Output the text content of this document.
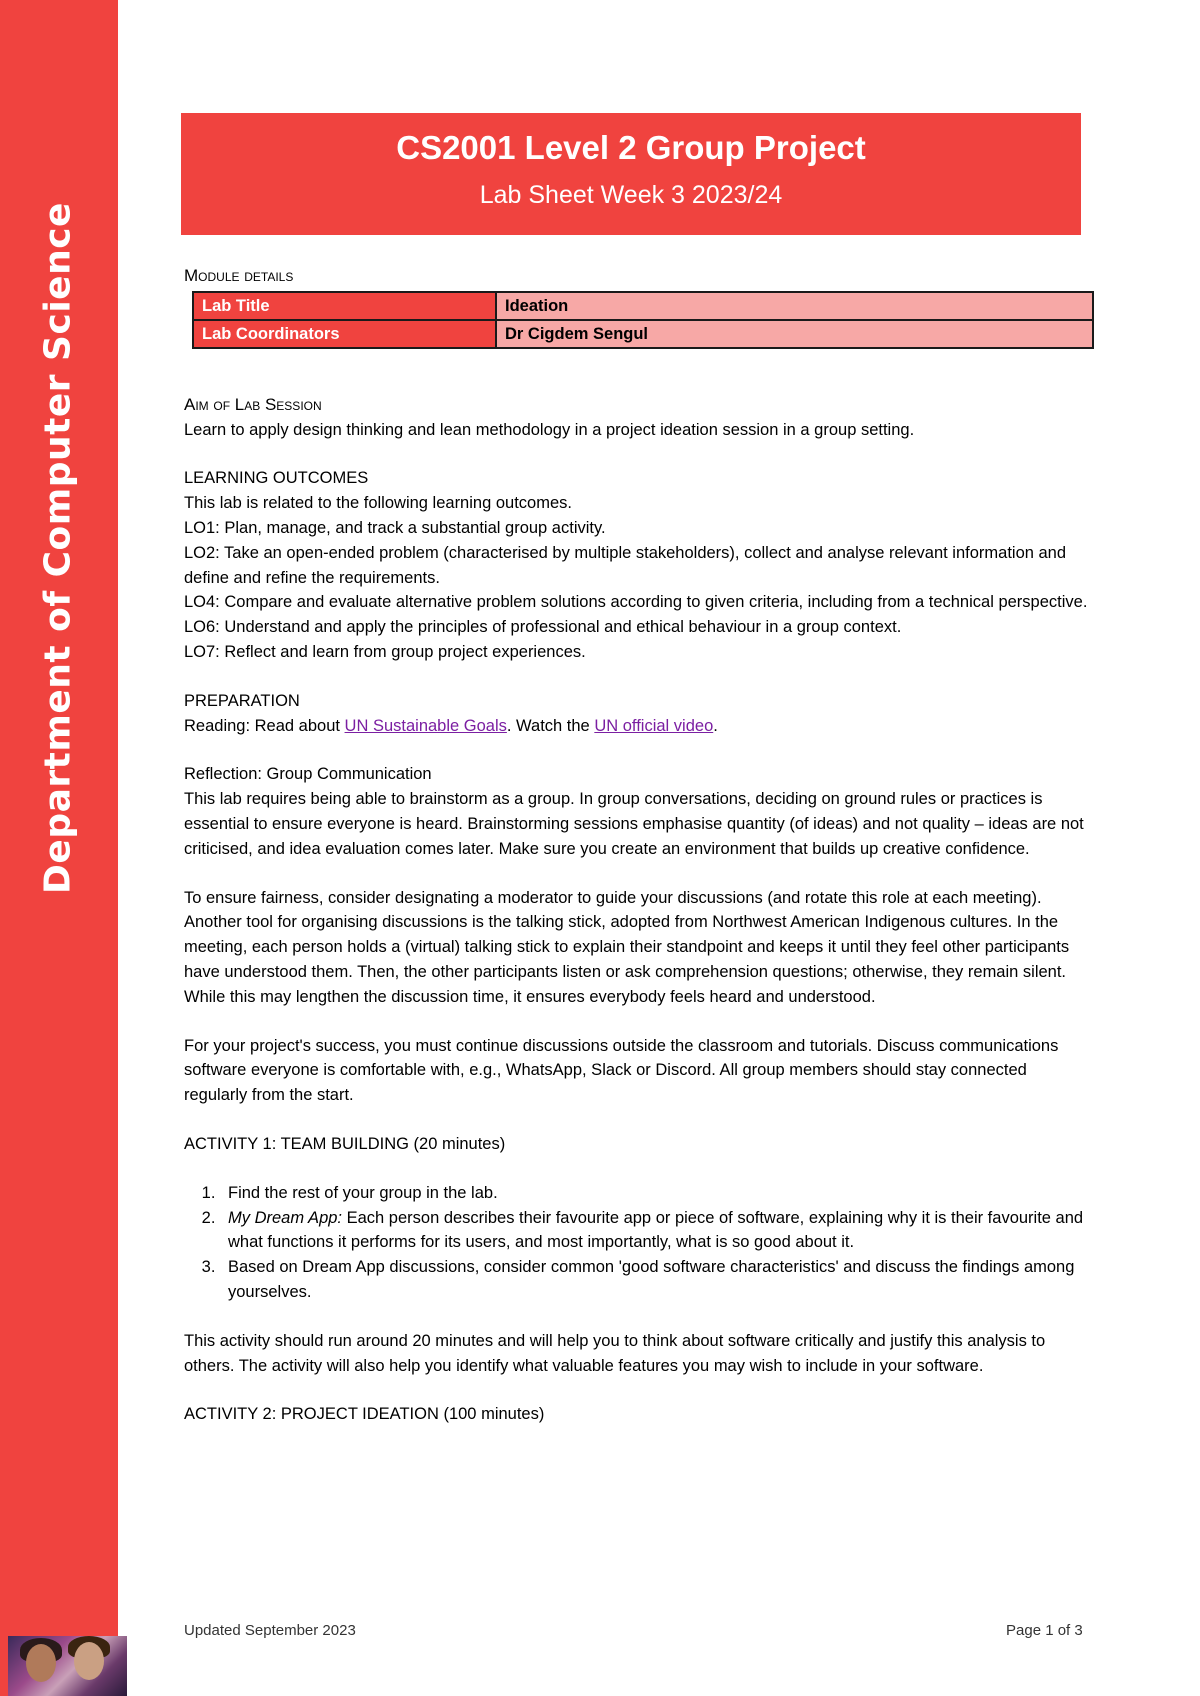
Department of Computer Science
CS2001 Level 2 Group Project
Lab Sheet Week 3 2023/24
Module details
Lab Title	Ideation
Lab Coordinators	Dr Cigdem Sengul
Aim of Lab Session

Learn to apply design thinking and lean methodology in a project ideation session in a group setting.

LEARNING OUTCOMES

This lab is related to the following learning outcomes.

LO1: Plan, manage, and track a substantial group activity.

LO2: Take an open-ended problem (characterised by multiple stakeholders), collect and analyse relevant information and define and refine the requirements.

LO4: Compare and evaluate alternative problem solutions according to given criteria, including from a technical perspective.

LO6: Understand and apply the principles of professional and ethical behaviour in a group context.

LO7: Reflect and learn from group project experiences.

PREPARATION

Reading: Read about UN Sustainable Goals. Watch the UN official video.

Reflection: Group Communication

This lab requires being able to brainstorm as a group. In group conversations, deciding on ground rules or practices is essential to ensure everyone is heard. Brainstorming sessions emphasise quantity (of ideas) and not quality – ideas are not criticised, and idea evaluation comes later. Make sure you create an environment that builds up creative confidence.

To ensure fairness, consider designating a moderator to guide your discussions (and rotate this role at each meeting). Another tool for organising discussions is the talking stick, adopted from Northwest American Indigenous cultures. In the meeting, each person holds a (virtual) talking stick to explain their standpoint and keeps it until they feel other participants have understood them. Then, the other participants listen or ask comprehension questions; otherwise, they remain silent. While this may lengthen the discussion time, it ensures everybody feels heard and understood.

For your project's success, you must continue discussions outside the classroom and tutorials. Discuss communications software everyone is comfortable with, e.g., WhatsApp, Slack or Discord. All group members should stay connected regularly from the start.

ACTIVITY 1: TEAM BUILDING (20 minutes)

1. Find the rest of your group in the lab.
2. My Dream App: Each person describes their favourite app or piece of software, explaining why it is their favourite and what functions it performs for its users, and most importantly, what is so good about it.
3. Based on Dream App discussions, consider common 'good software characteristics' and discuss the findings among yourselves.

This activity should run around 20 minutes and will help you to think about software critically and justify this analysis to others. The activity will also help you identify what valuable features you may wish to include in your software.

ACTIVITY 2: PROJECT IDEATION (100 minutes)

Updated September 2023	Page 1 of 3
